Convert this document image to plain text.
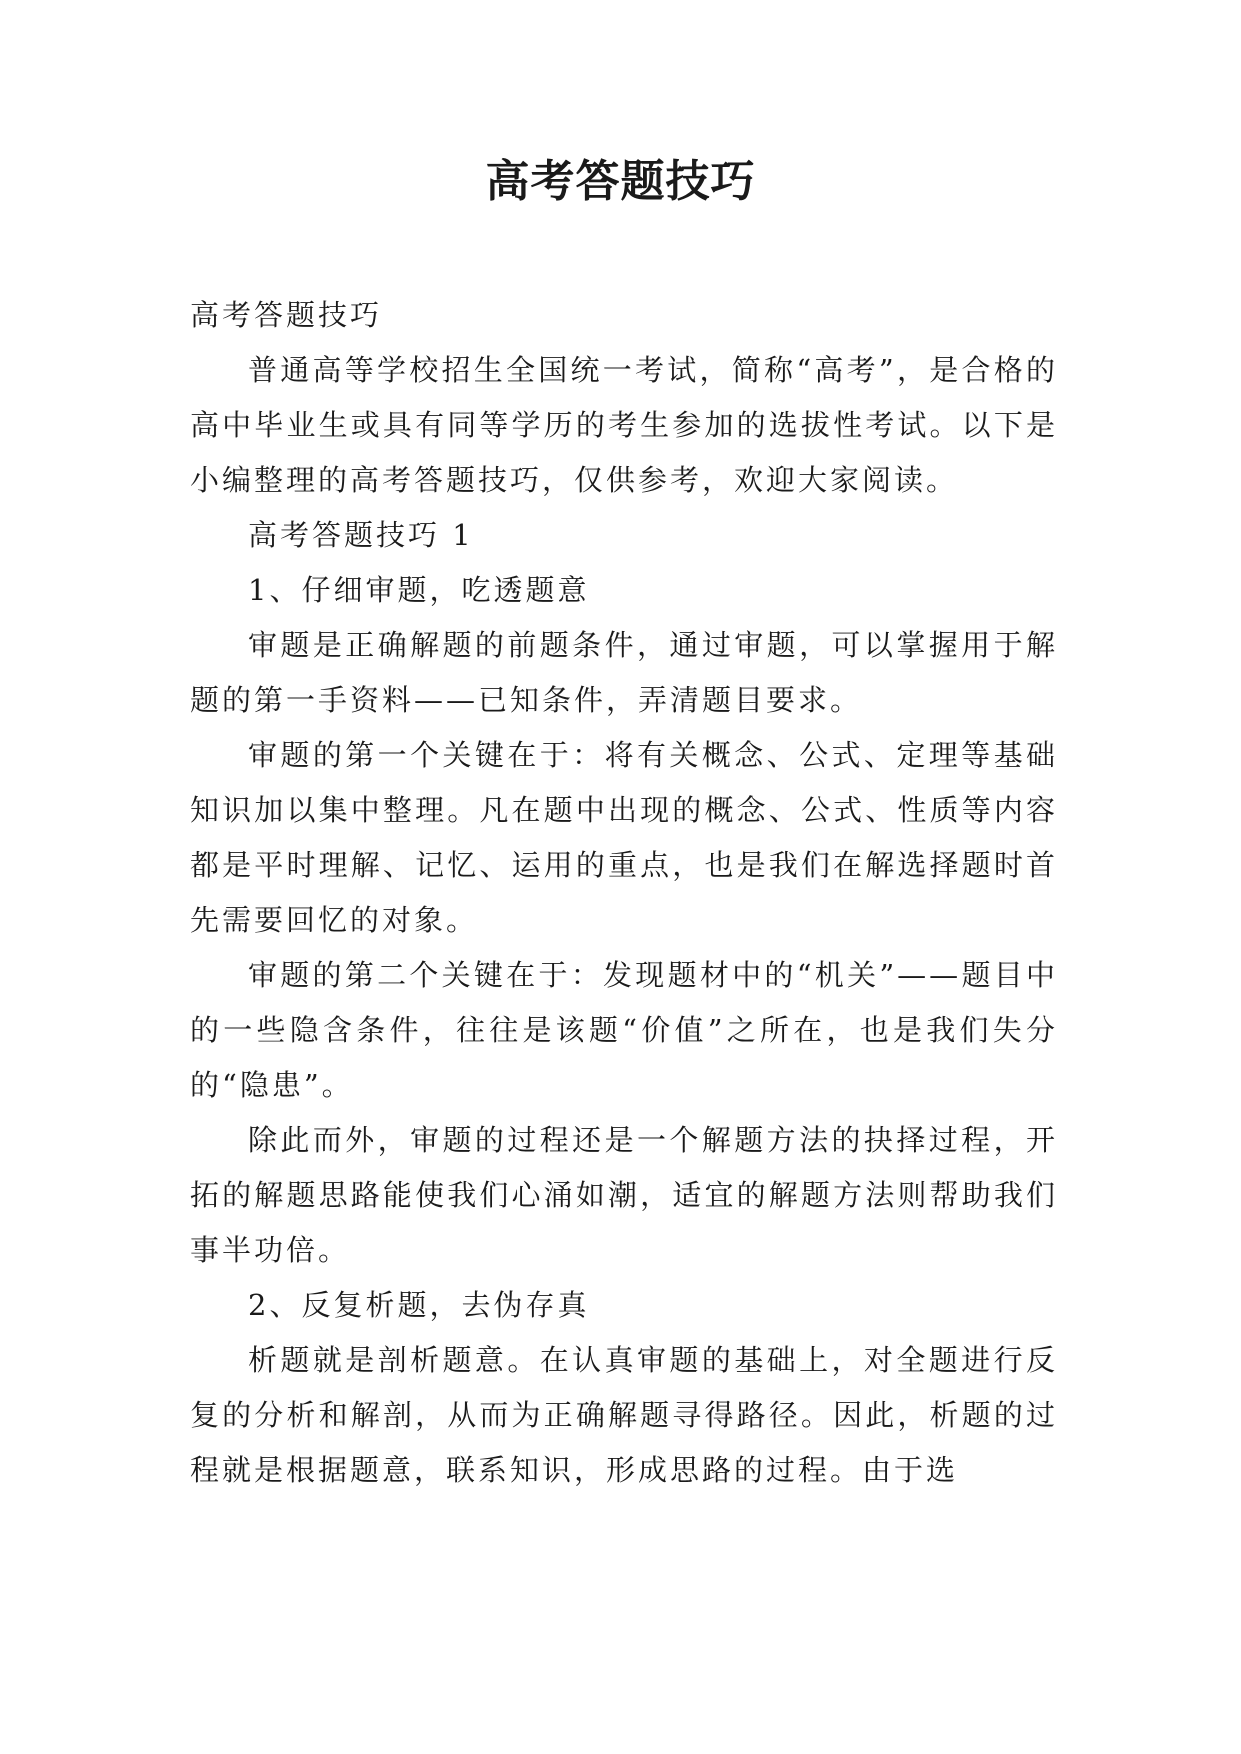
高考答题技巧

高考答题技巧

普通高等学校招生全国统一考试，简称“高考”，是合格的高中毕业生或具有同等学历的考生参加的选拔性考试。以下是小编整理的高考答题技巧，仅供参考，欢迎大家阅读。

高考答题技巧 1

1、仔细审题，吃透题意

审题是正确解题的前题条件，通过审题，可以掌握用于解题的第一手资料——已知条件，弄清题目要求。

审题的第一个关键在于：将有关概念、公式、定理等基础知识加以集中整理。凡在题中出现的概念、公式、性质等内容都是平时理解、记忆、运用的重点，也是我们在解选择题时首先需要回忆的对象。

审题的第二个关键在于：发现题材中的“机关”——题目中的一些隐含条件，往往是该题“价值”之所在，也是我们失分的“隐患”。

除此而外，审题的过程还是一个解题方法的抉择过程，开拓的解题思路能使我们心涌如潮，适宜的解题方法则帮助我们事半功倍。

2、反复析题，去伪存真

析题就是剖析题意。在认真审题的基础上，对全题进行反复的分析和解剖，从而为正确解题寻得路径。因此，析题的过程就是根据题意，联系知识，形成思路的过程。由于选
